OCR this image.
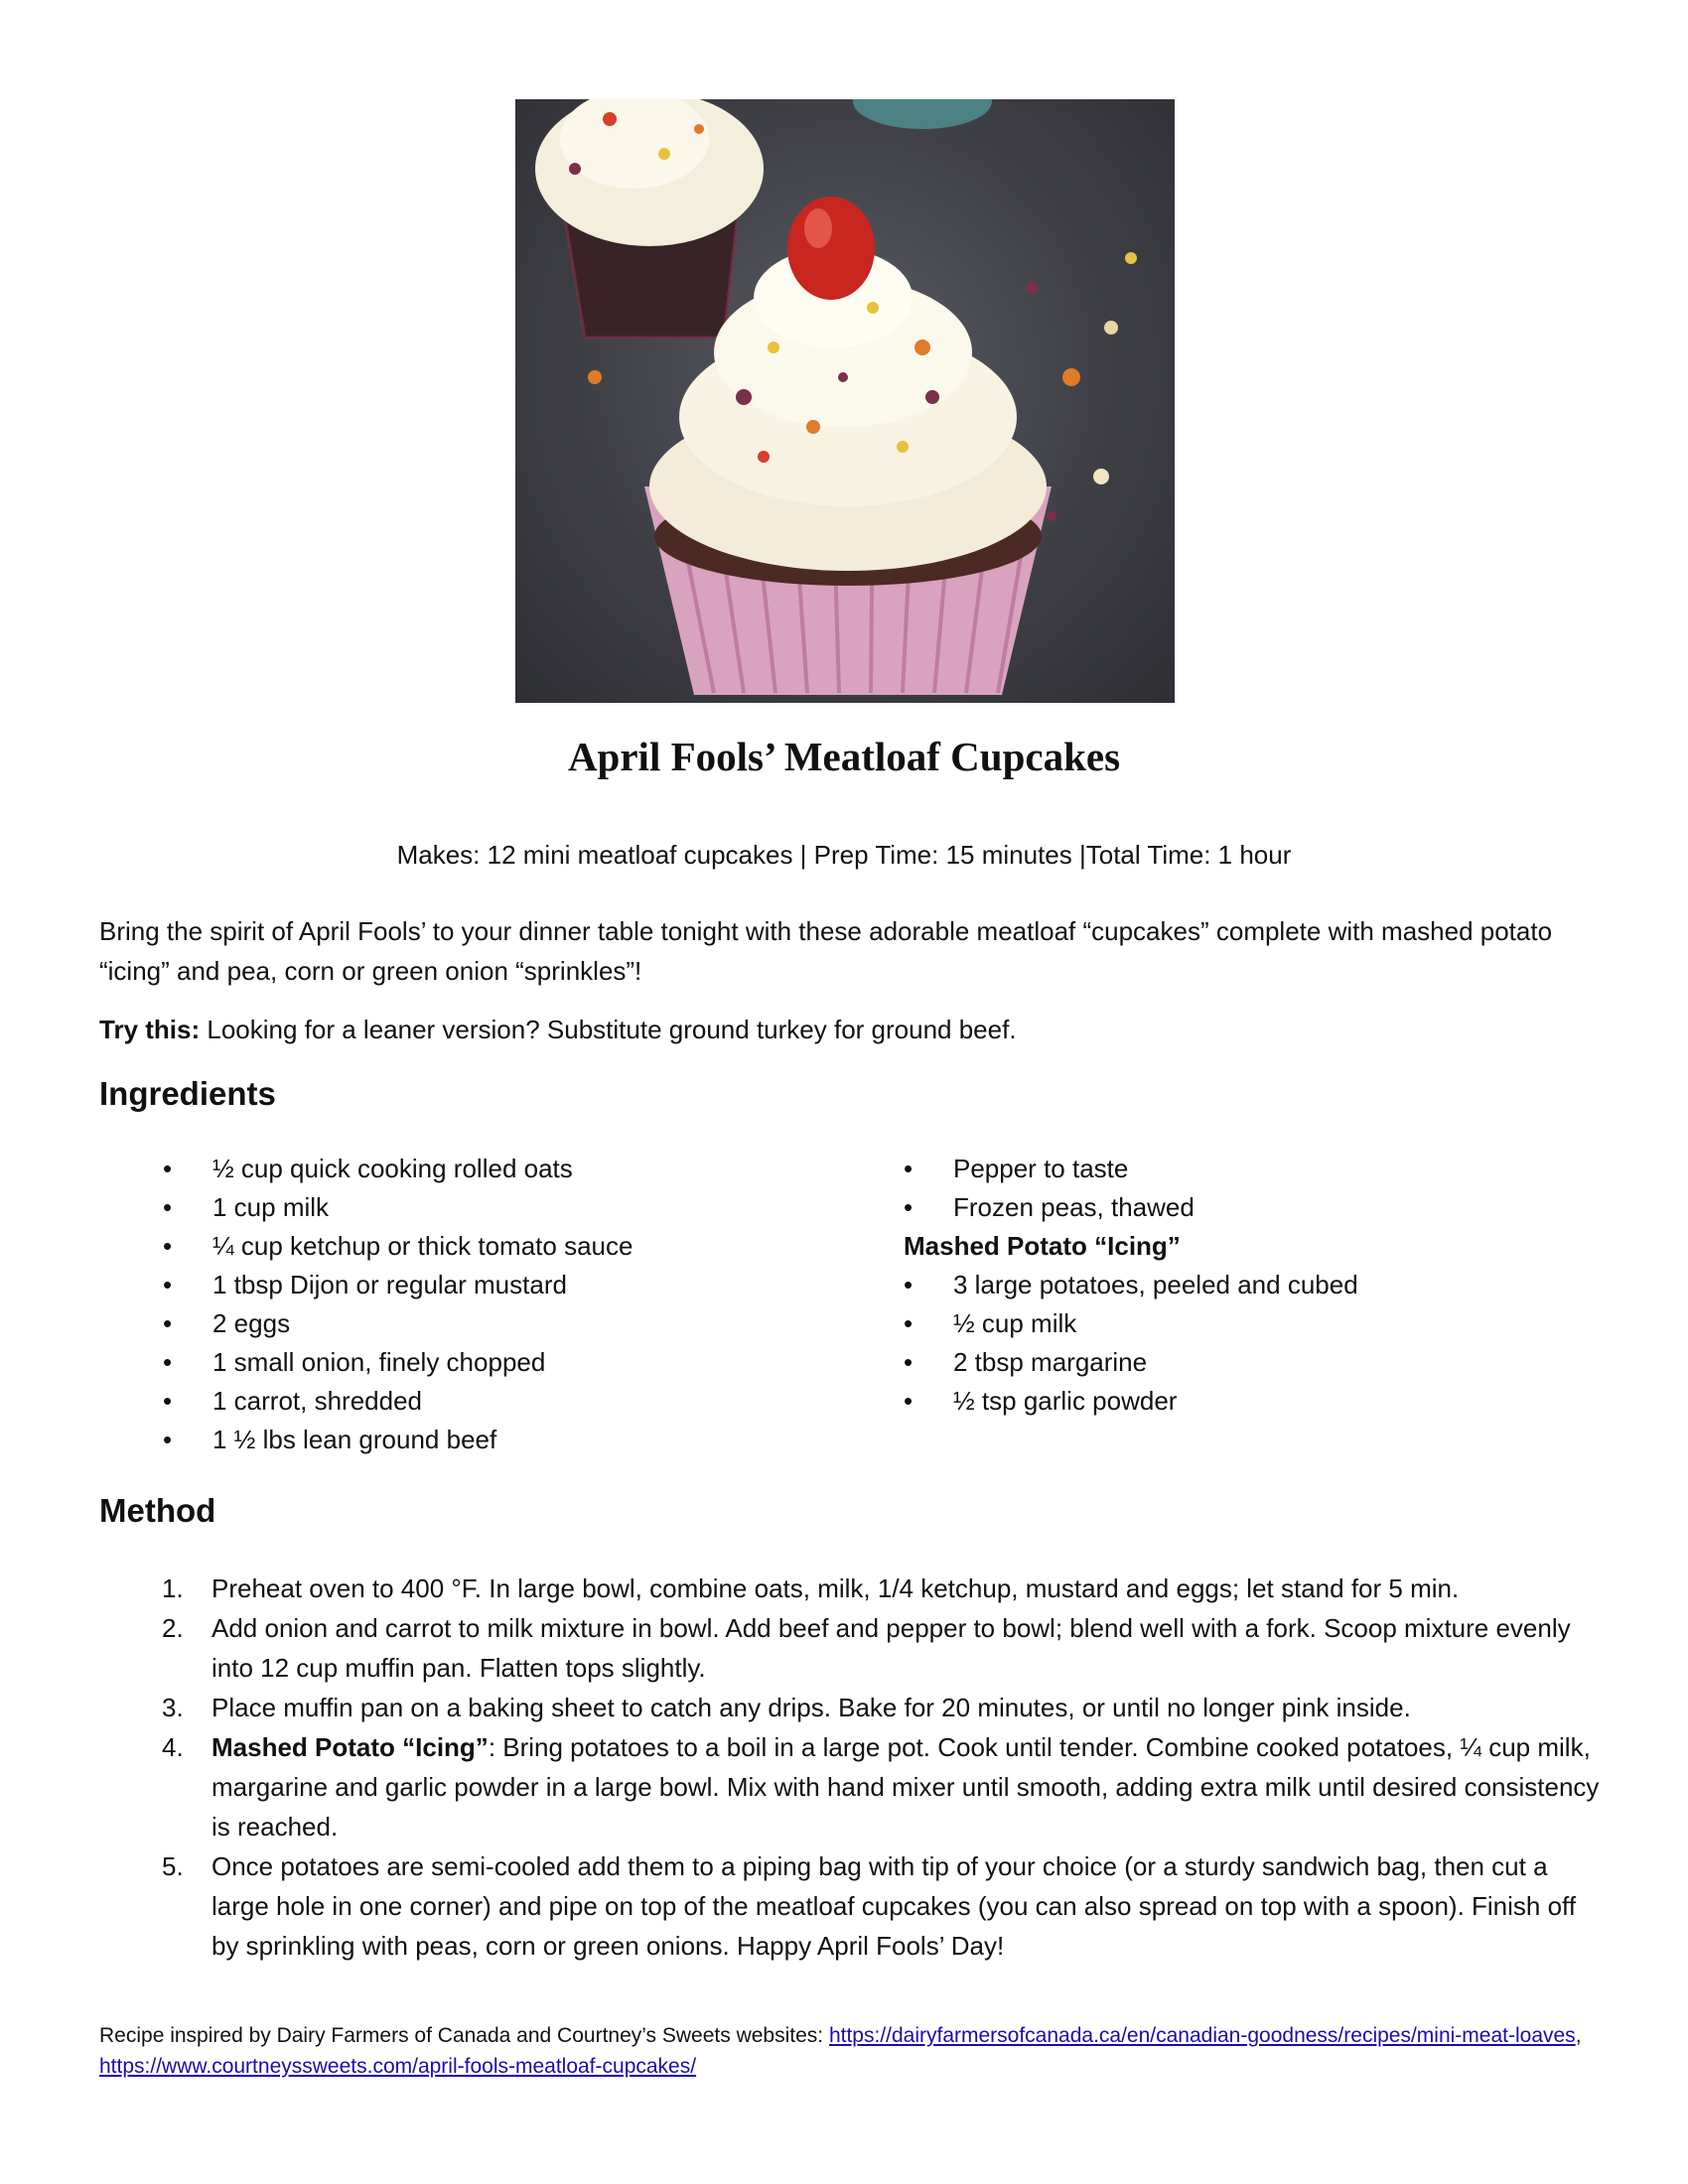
April Fools’ Meatloaf Cupcakes
Makes: 12 mini meatloaf cupcakes | Prep Time: 15 minutes |Total Time: 1 hour
Bring the spirit of April Fools’ to your dinner table tonight with these adorable meatloaf “cupcakes” complete with mashed potato “icing” and pea, corn or green onion “sprinkles”!
Try this: Looking for a leaner version? Substitute ground turkey for ground beef.
Ingredients
• ½ cup quick cooking rolled oats
• 1 cup milk
• ¼ cup ketchup or thick tomato sauce
• 1 tbsp Dijon or regular mustard
• 2 eggs
• 1 small onion, finely chopped
• 1 carrot, shredded
• 1 ½ lbs lean ground beef
• Pepper to taste
• Frozen peas, thawed
Mashed Potato “Icing”
• 3 large potatoes, peeled and cubed
• ½ cup milk
• 2 tbsp margarine
• ½ tsp garlic powder
Method
1. Preheat oven to 400 °F. In large bowl, combine oats, milk, 1/4 ketchup, mustard and eggs; let stand for 5 min.
2. Add onion and carrot to milk mixture in bowl. Add beef and pepper to bowl; blend well with a fork. Scoop mixture evenly into 12 cup muffin pan. Flatten tops slightly.
3. Place muffin pan on a baking sheet to catch any drips. Bake for 20 minutes, or until no longer pink inside.
4. Mashed Potato “Icing”: Bring potatoes to a boil in a large pot. Cook until tender. Combine cooked potatoes, ¼ cup milk, margarine and garlic powder in a large bowl. Mix with hand mixer until smooth, adding extra milk until desired consistency is reached.
5. Once potatoes are semi-cooled add them to a piping bag with tip of your choice (or a sturdy sandwich bag, then cut a large hole in one corner) and pipe on top of the meatloaf cupcakes (you can also spread on top with a spoon). Finish off by sprinkling with peas, corn or green onions. Happy April Fools’ Day!
Recipe inspired by Dairy Farmers of Canada and Courtney’s Sweets websites: https://dairyfarmersofcanada.ca/en/canadian-goodness/recipes/mini-meat-loaves, https://www.courtneyssweets.com/april-fools-meatloaf-cupcakes/
